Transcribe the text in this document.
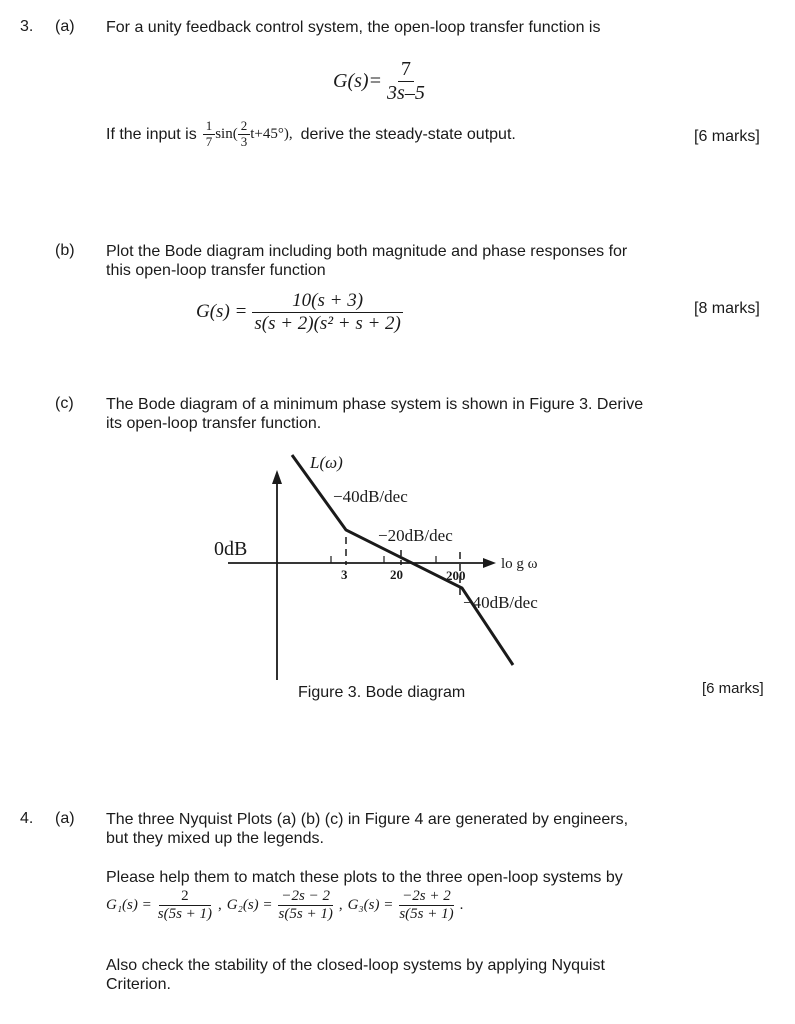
3. (a) For a unity feedback control system, the open-loop transfer function is
$G(s)= \frac{7}{3s-5}$
If the input is $\frac{1}{7} \sin( \frac{2}{3} t+45^\circ)$, derive the steady-state output.	[6 marks]
(b) Plot the Bode diagram including both magnitude and phase responses for
this open-loop transfer function
$G(s) = \frac{10(s + 3)}{\text{s(s + 2)(s² + s + 2)}}$	[8 marks]
(c) The Bode diagram of a minimum phase system is shown in Figure 3. Derive
its open-loop transfer function.
L(ω)
lo g ω
0dB
−40dB/dec
−20dB/dec
−40dB/dec
3	20	200
Figure 3. Bode diagram	[6 marks]
4. (a) The three Nyquist Plots (a) (b) (c) in Figure 4 are generated by engineers,
but they mixed up the legends.
Please help them to match these plots to the three open-loop systems by
$G_1(s) = \frac{2}{s(5s + 1)}$ , $G_2(s) = \frac{-2s - 2}{s(5s + 1)}$ , $G_3(s) = \frac{-2s + 2}{s(5s + 1)}$ .
Also check the stability of the closed-loop systems by applying Nyquist
Criterion.
